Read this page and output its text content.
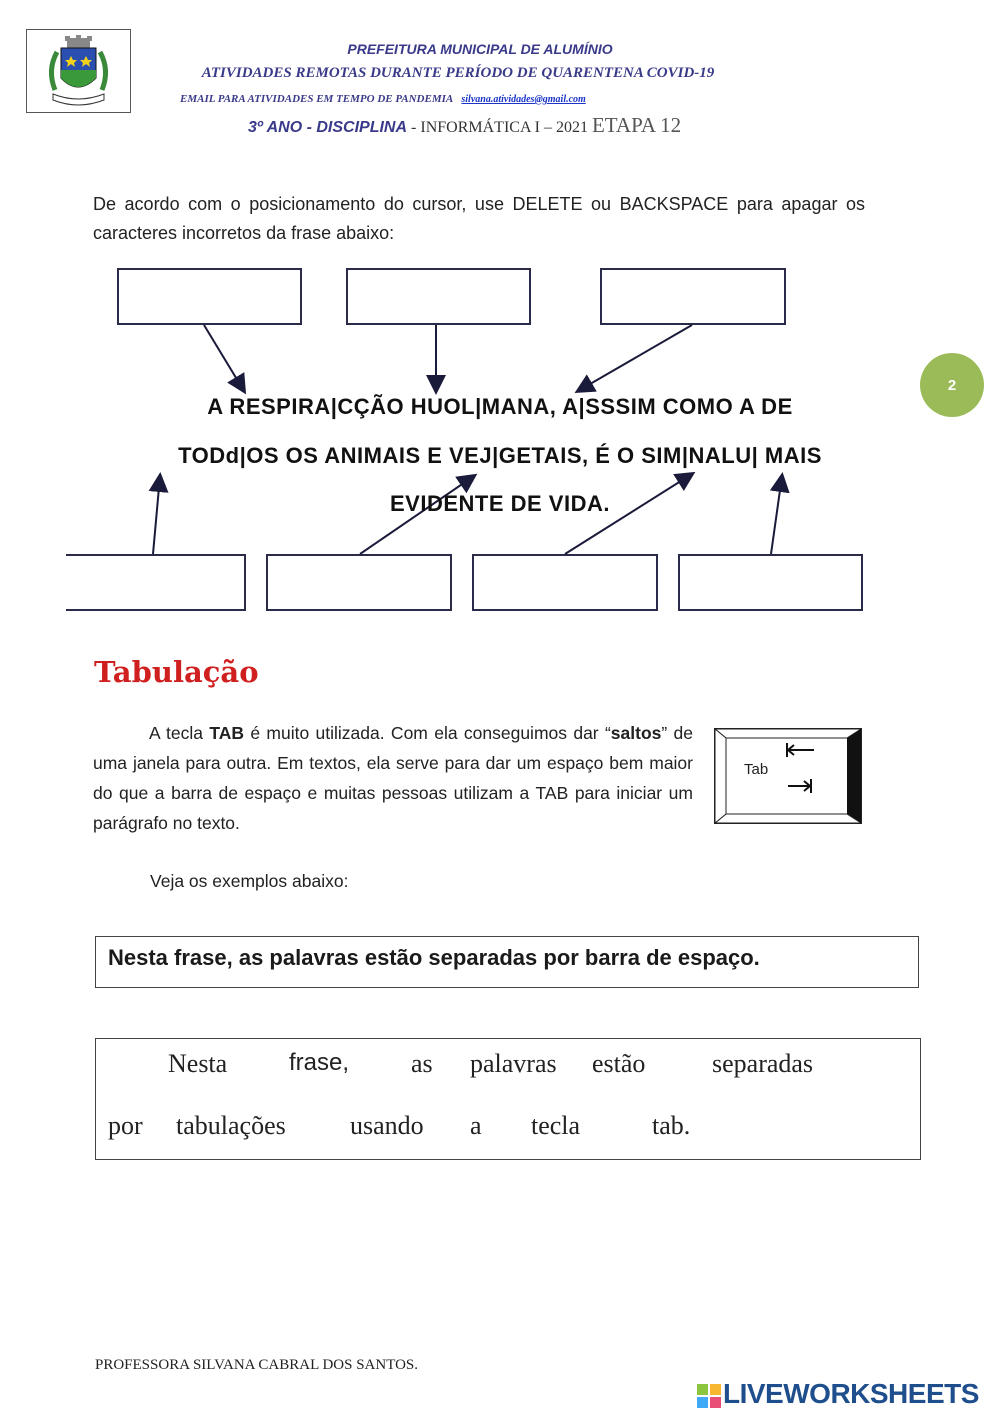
PREFEITURA MUNICIPAL DE ALUMÍNIO
ATIVIDADES REMOTAS DURANTE PERÍODO DE QUARENTENA COVID-19
EMAIL PARA ATIVIDADES EM TEMPO DE PANDEMIA silvana.atividades@gmail.com
3º ANO - DISCIPLINA - INFORMÁTICA I – 2021 ETAPA 12
2
De acordo com o posicionamento do cursor, use DELETE ou BACKSPACE para apagar os caracteres incorretos da frase abaixo:
A RESPIRA|CÇÃO HUOL|MANA, A|SSSIM COMO A DE
TODd|OS OS ANIMAIS E VEJ|GETAIS, É O SIM|NALU| MAIS
EVIDENTE DE VIDA.
Tabulação
A tecla TAB é muito utilizada. Com ela conseguimos dar “saltos” de uma janela para outra. Em textos, ela serve para dar um espaço bem maior do que a barra de espaço e muitas pessoas utilizam a TAB para iniciar um parágrafo no texto.
Veja os exemplos abaixo:
Tab
Nesta frase, as palavras estão separadas por barra de espaço.
Nesta	frase, as palavras estão	separadas
por tabulações usando a tecla	tab.
PROFESSORA SILVANA CABRAL DOS SANTOS.
LIVEWORKSHEETS
